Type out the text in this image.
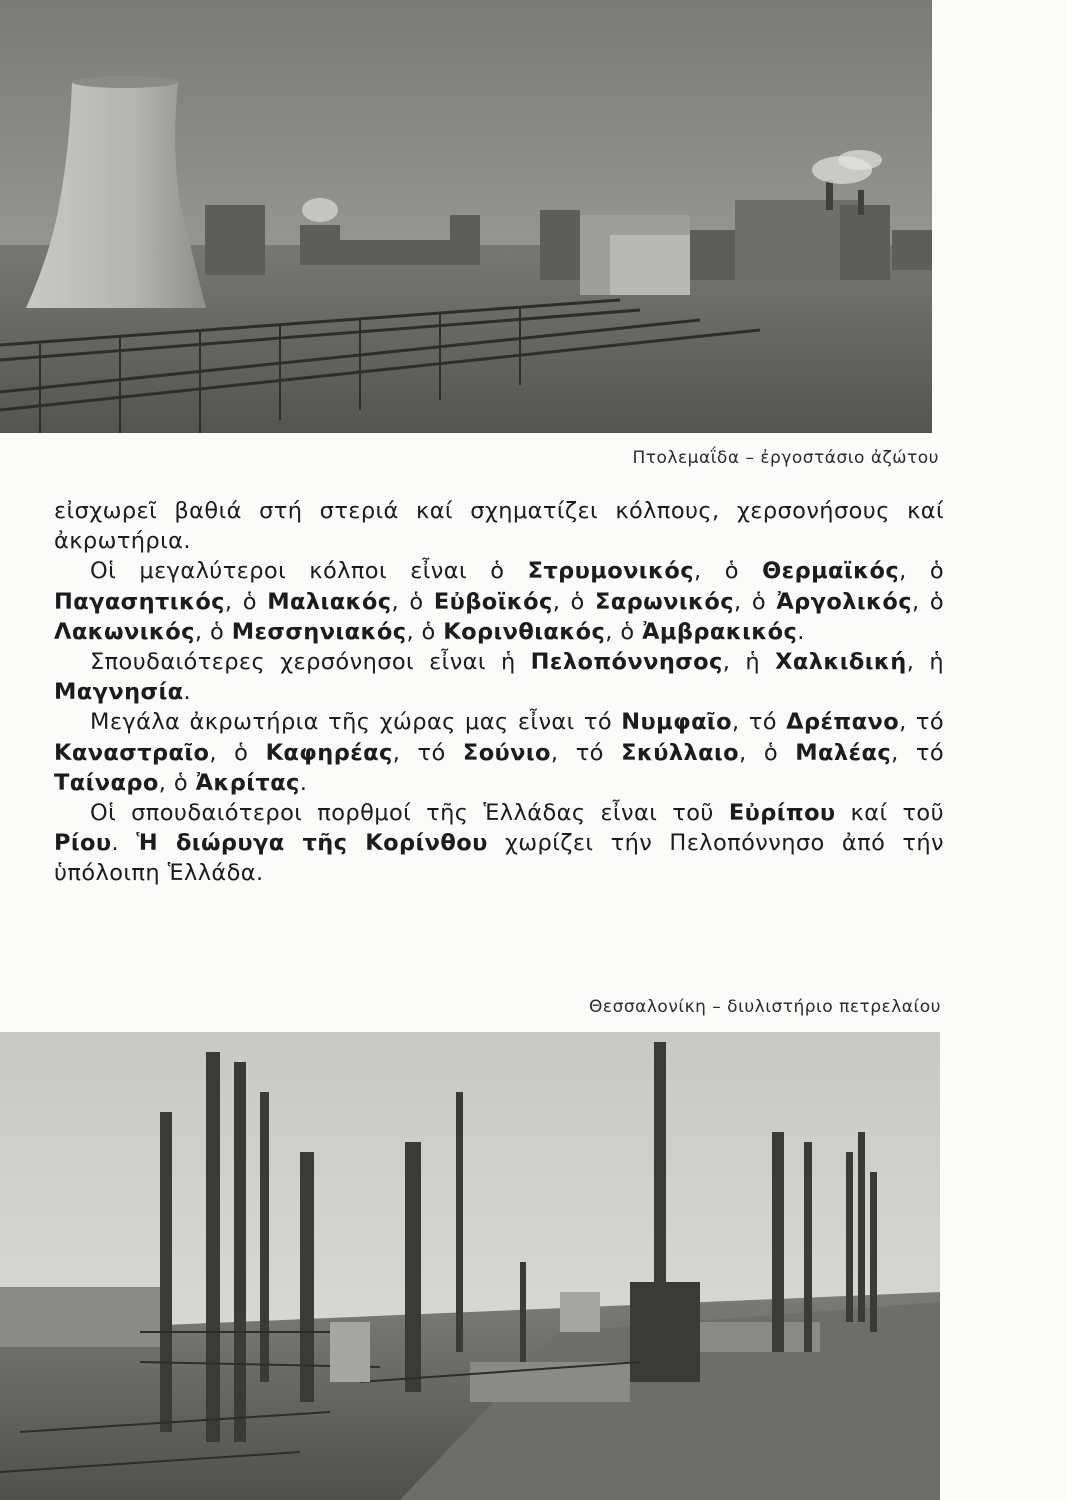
Πτολεμαΐδα – ἐργοστάσιο ἀζώτου

εἰσχωρεῖ βαθιά στή στεριά καί σχηματίζει κόλπους, χερσονήσους καί ἀκρωτήρια.

Οἱ μεγαλύτεροι κόλποι εἶναι ὁ Στρυμονικός, ὁ Θερμαϊκός, ὁ Παγασητικός, ὁ Μαλιακός, ὁ Εὐβοϊκός, ὁ Σαρωνικός, ὁ Ἀργολικός, ὁ Λακωνικός, ὁ Μεσσηνιακός, ὁ Κορινθιακός, ὁ Ἀμβρακικός.

Σπουδαιότερες χερσόνησοι εἶναι ἡ Πελοπόννησος, ἡ Χαλκιδική, ἡ Μαγνησία.

Μεγάλα ἀκρωτήρια τῆς χώρας μας εἶναι τό Νυμφαῖο, τό Δρέπανο, τό Καναστραῖο, ὁ Καφηρέας, τό Σούνιο, τό Σκύλλαιο, ὁ Μαλέας, τό Ταίναρο, ὁ Ἀκρίτας.

Οἱ σπουδαιότεροι πορθμοί τῆς Ἑλλάδας εἶναι τοῦ Εὐρίπου καί τοῦ Ρίου. Ἡ διώρυγα τῆς Κορίνθου χωρίζει τήν Πελοπόννησο ἀπό τήν ὑπόλοιπη Ἑλλάδα.

Θεσσαλονίκη – διυλιστήριο πετρελαίου
